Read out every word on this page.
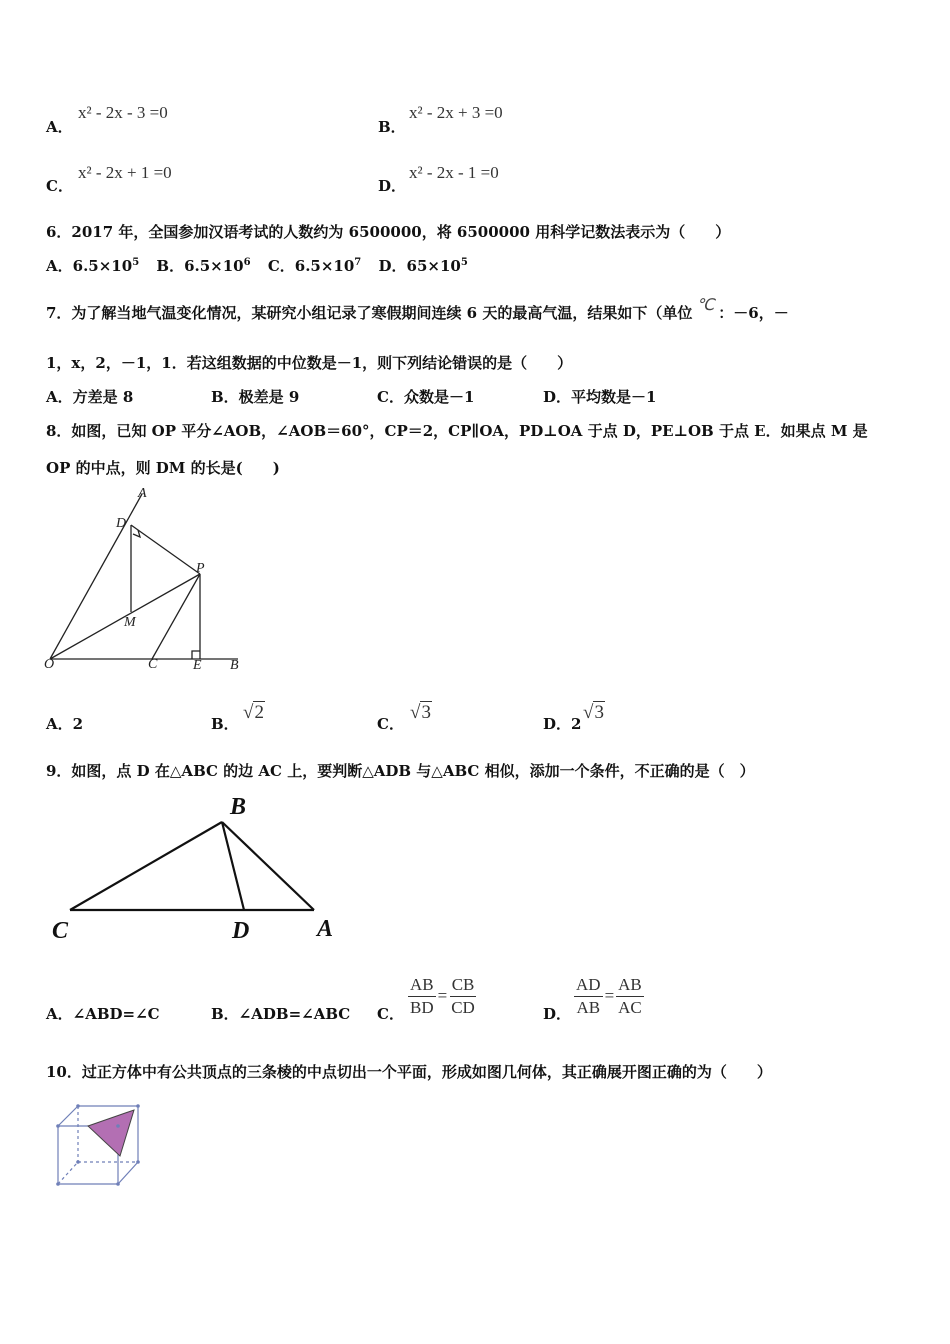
A．
x² - 2x - 3 =0
B．
x² - 2x + 3 =0
C．
x² - 2x + 1 =0
D．
x² - 2x - 1 =0
6．2017 年，全国参加汉语考试的人数约为 6500000，将 6500000 用科学记数法表示为（　　）
A．$6.5\times 10^5$ B．$6.5\times 10^6$ C．$6.5\times 10^7$ D．$65\times 10^5$
7．为了解当地气温变化情况，某研究小组记录了寒假期间连续 6 天的最高气温，结果如下（单位 ℃ ：－6，－
1，x，2，－1，1．若这组数据的中位数是－1，则下列结论错误的是（　　）
A．方差是 8	B．极差是 9	C．众数是－1	D．平均数是－1
8．如图，已知 OP 平分∠AOB，∠AOB＝60°，CP＝2，CP∥OA，PD⊥OA 于点 D，PE⊥OB 于点 E．如果点 M 是
OP 的中点，则 DM 的长是(　　)
A
D
P
M
O	C	E B
A．2	B．
√2
C．
√3
D．2
√3
9．如图，点 D 在△ABC 的边 AC 上，要判断△ADB 与△ABC 相似，添加一个条件，不正确的是（　）
B
C	D	A
A．∠ABD=∠C	B．∠ADB=∠ABC C． $\frac{AB}{BD} = \frac{CB}{CD}$	D． $\frac{AD}{AB} = \frac{AB}{AC}$
10．过正方体中有公共顶点的三条棱的中点切出一个平面，形成如图几何体，其正确展开图正确的为（　　）
